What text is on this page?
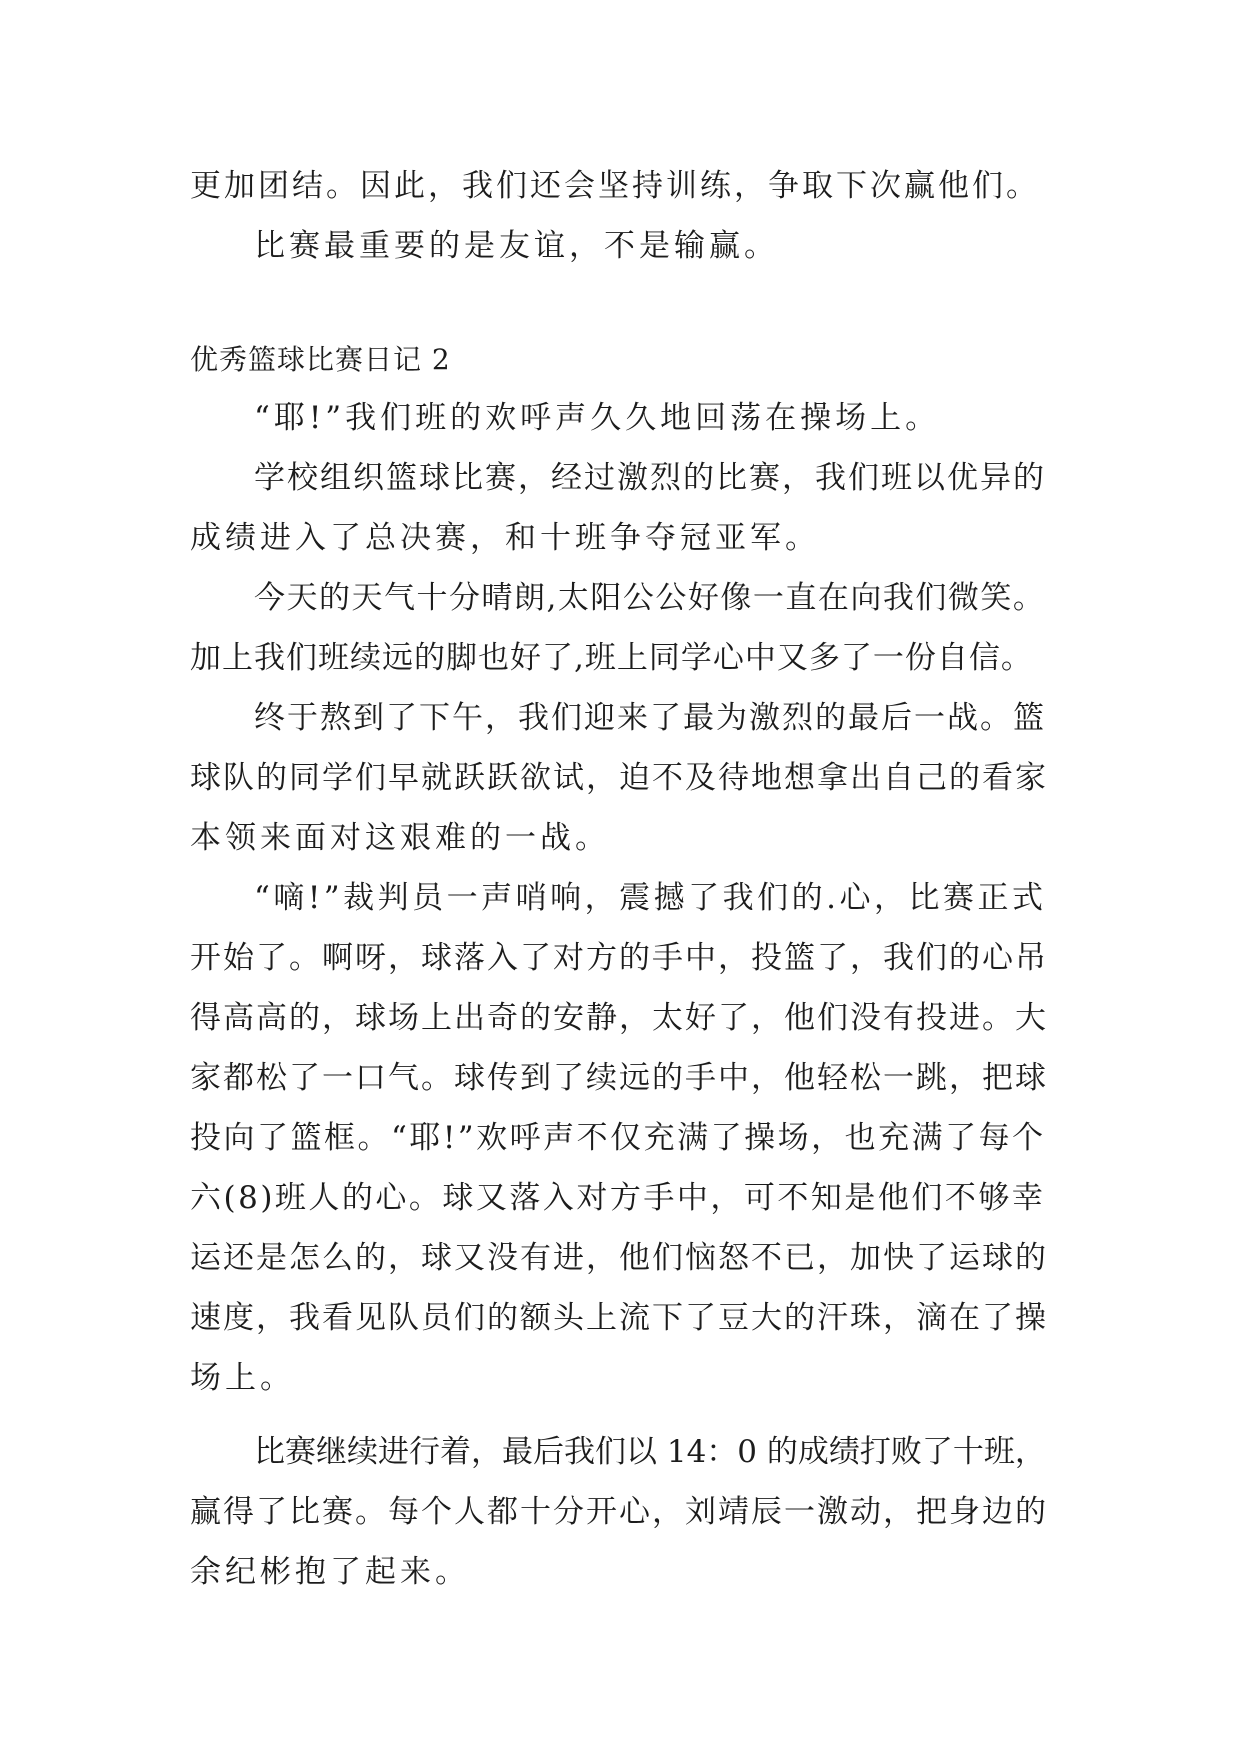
更加团结。因此，我们还会坚持训练，争取下次赢他们。
比赛最重要的是友谊，不是输赢。
优秀篮球比赛日记 2
“耶!”我们班的欢呼声久久地回荡在操场上。
学校组织篮球比赛，经过激烈的比赛，我们班以优异的
成绩进入了总决赛，和十班争夺冠亚军。
今天的天气十分晴朗,太阳公公好像一直在向我们微笑。
加上我们班续远的脚也好了,班上同学心中又多了一份自信。
终于熬到了下午，我们迎来了最为激烈的最后一战。篮
球队的同学们早就跃跃欲试，迫不及待地想拿出自己的看家
本领来面对这艰难的一战。
“嘀!”裁判员一声哨响，震撼了我们的.心，比赛正式
开始了。啊呀，球落入了对方的手中，投篮了，我们的心吊
得高高的，球场上出奇的安静，太好了，他们没有投进。大
家都松了一口气。球传到了续远的手中，他轻松一跳，把球
投向了篮框。“耶!”欢呼声不仅充满了操场，也充满了每个
六(8)班人的心。球又落入对方手中，可不知是他们不够幸
运还是怎么的，球又没有进，他们恼怒不已，加快了运球的
速度，我看见队员们的额头上流下了豆大的汗珠，滴在了操
场上。
比赛继续进行着，最后我们以 14：0 的成绩打败了十班，
赢得了比赛。每个人都十分开心，刘靖辰一激动，把身边的
余纪彬抱了起来。
